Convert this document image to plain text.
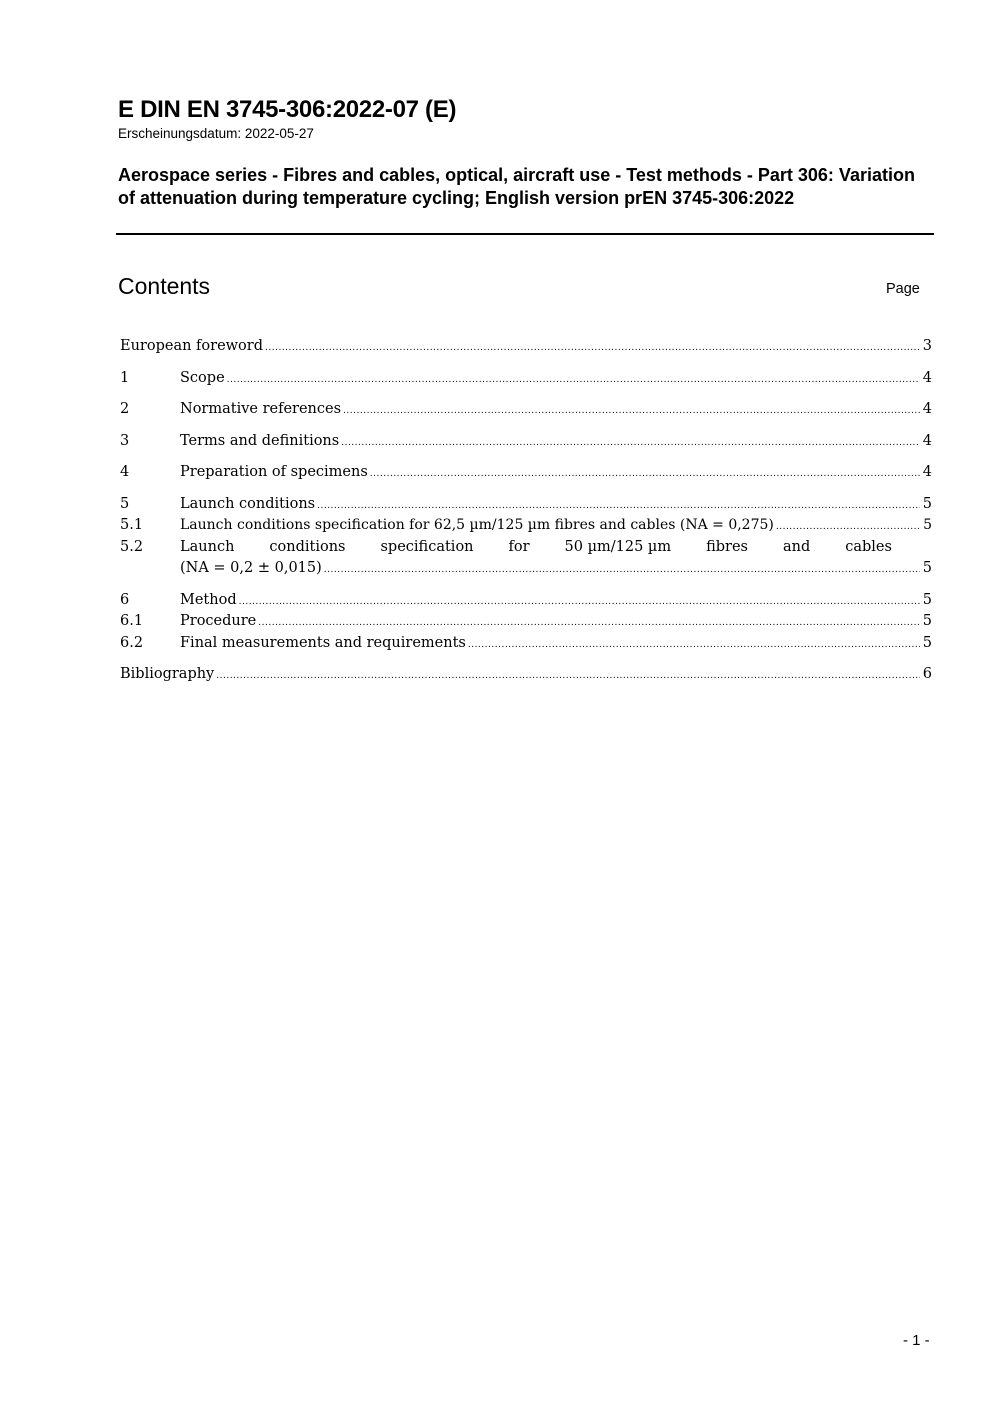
E DIN EN 3745-306:2022-07 (E)
Erscheinungsdatum: 2022-05-27
Aerospace series - Fibres and cables, optical, aircraft use - Test methods - Part 306: Variation of attenuation during temperature cycling; English version prEN 3745-306:2022
Contents	Page
European foreword .....	3
1	Scope .....	4
2	Normative references .....	4
3	Terms and definitions .....	4
4	Preparation of specimens .....	4
5	Launch conditions .....	5
5.1	Launch conditions specification for 62,5 µm/125 µm fibres and cables (NA = 0,275) .....	5
5.2	Launch conditions specification for 50 µm/125 µm fibres and cables
(NA = 0,2 ± 0,015) .....	5
6	Method .....	5
6.1	Procedure .....	5
6.2	Final measurements and requirements .....	5
Bibliography .....	6
- 1 -
